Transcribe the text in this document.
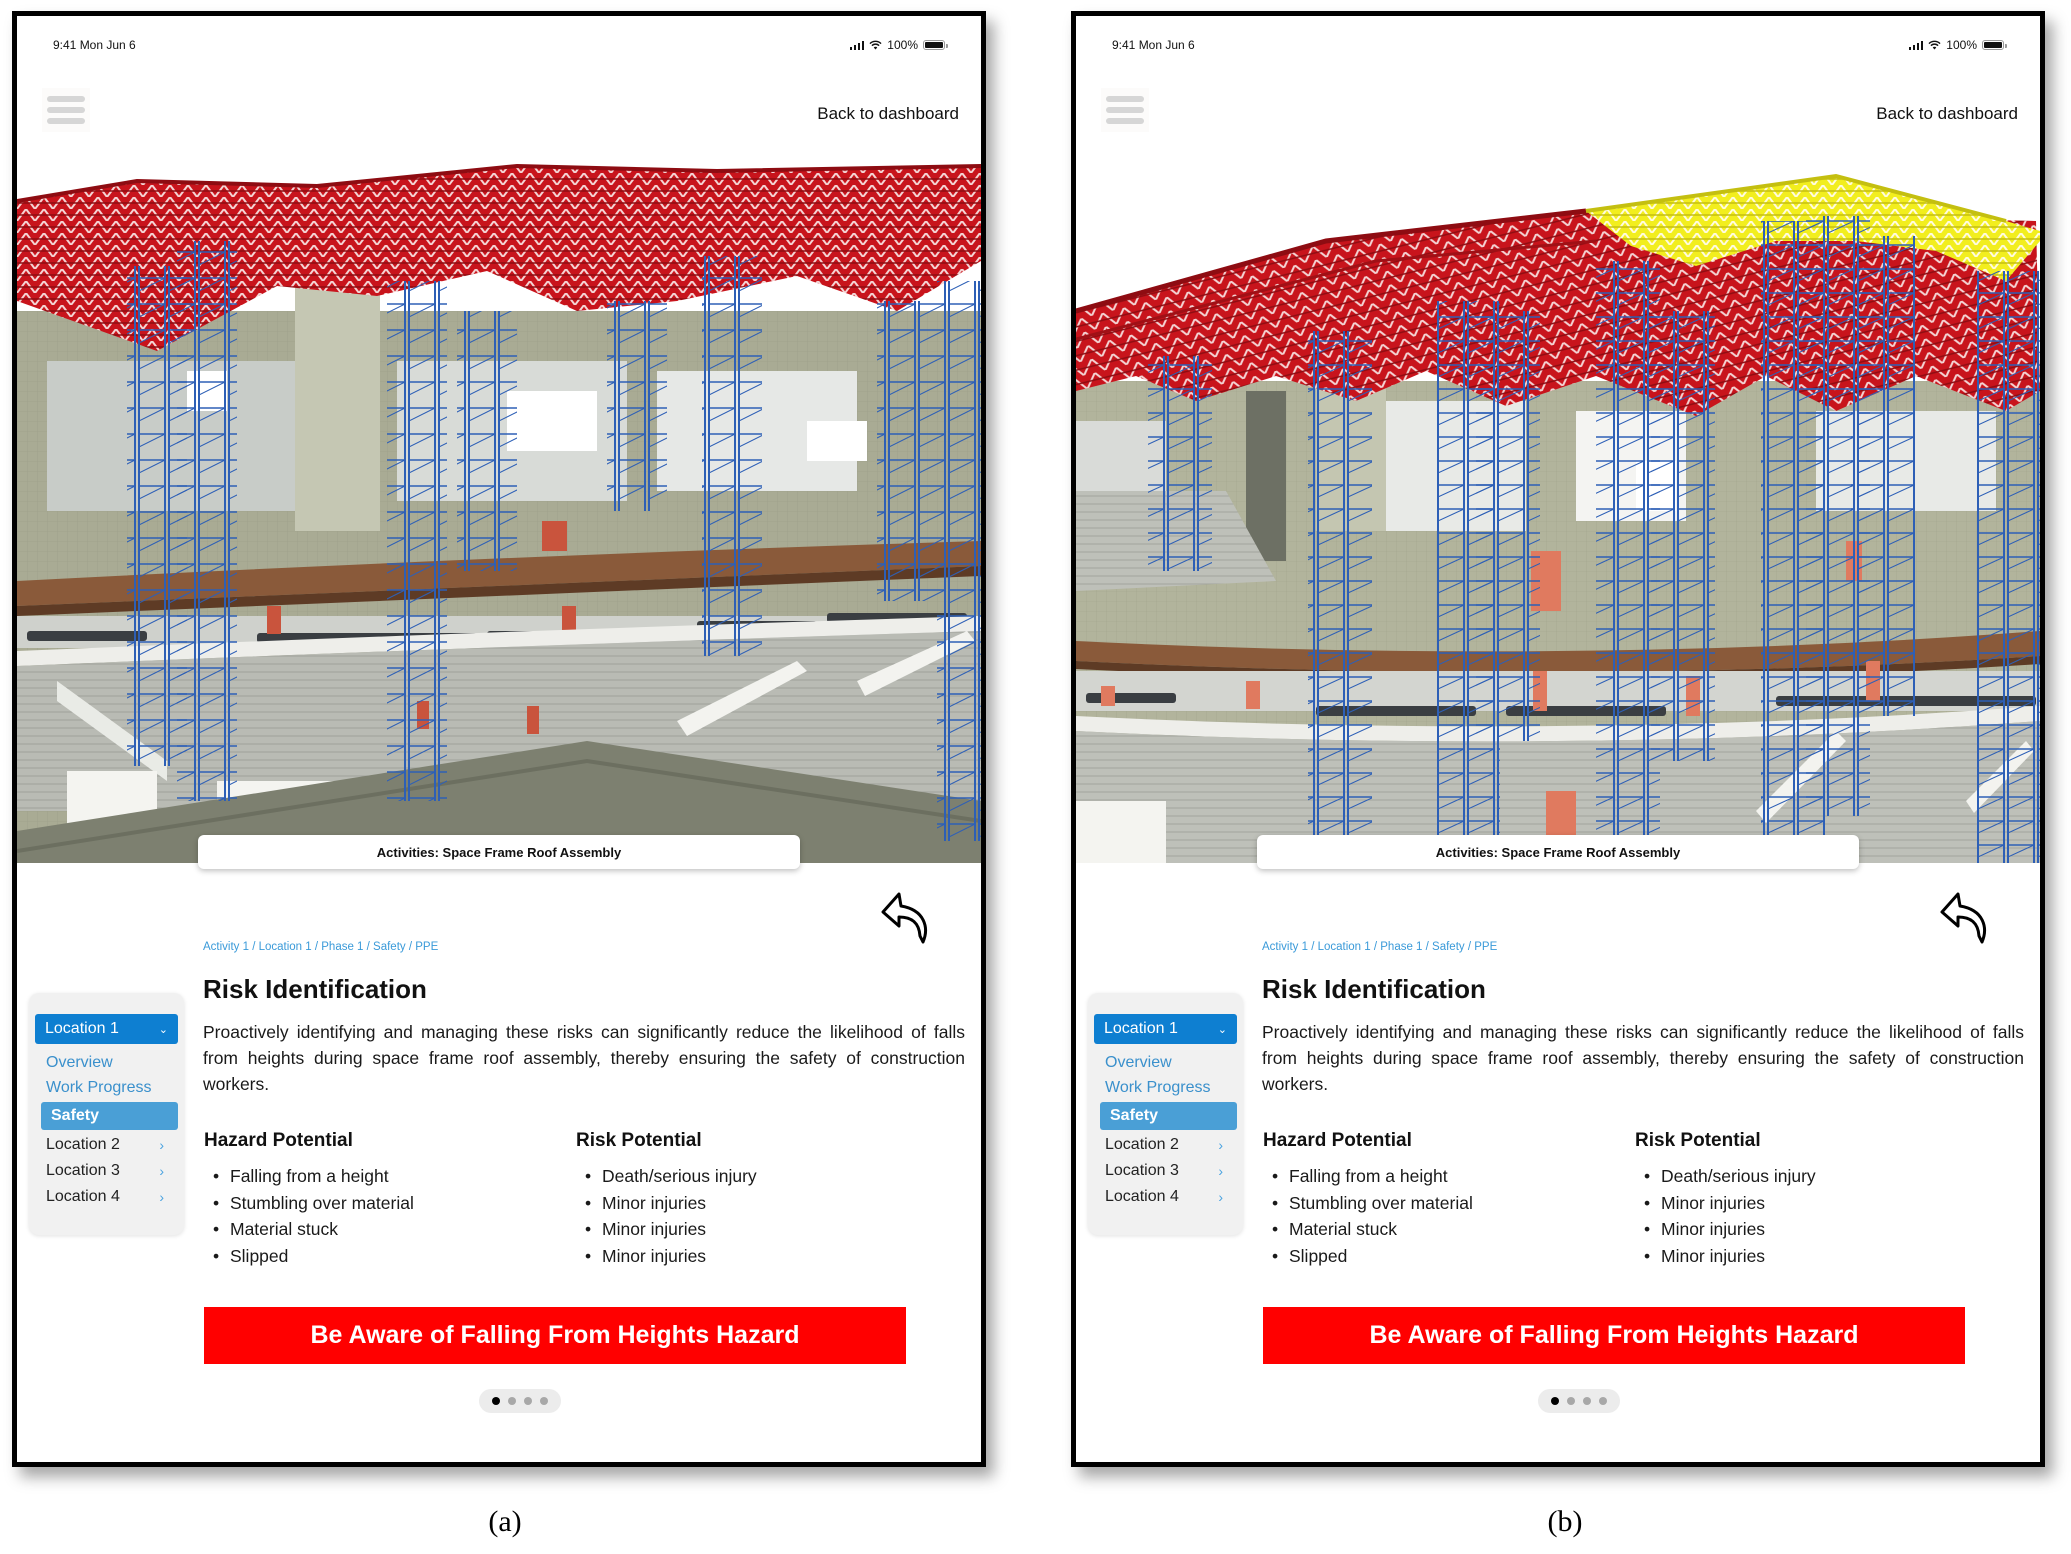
9:41 Mon Jun 6	100%
Back to dashboard
Activities: Space Frame Roof Assembly
Activity 1 / Location 1 / Phase 1 / Safety / PPE
Risk Identification
Proactively identifying and managing these risks can significantly reduce the likelihood of falls from heights during space frame roof assembly, thereby ensuring the safety of construction workers.
Location 1	⌄
Overview
Work Progress
Safety
Location 2	›
Location 3	›
Location 4	›
Hazard Potential
• Falling from a height
• Stumbling over material
• Material stuck
• Slipped
Risk Potential
• Death/serious injury
• Minor injuries
• Minor injuries
• Minor injuries
Be Aware of Falling From Heights Hazard
9:41 Mon Jun 6	100%
Back to dashboard
Activities: Space Frame Roof Assembly
Activity 1 / Location 1 / Phase 1 / Safety / PPE
Risk Identification
Proactively identifying and managing these risks can significantly reduce the likelihood of falls from heights during space frame roof assembly, thereby ensuring the safety of construction workers.
Location 1	⌄
Overview
Work Progress
Safety
Location 2	›
Location 3	›
Location 4	›
Hazard Potential
• Falling from a height
• Stumbling over material
• Material stuck
• Slipped
Risk Potential
• Death/serious injury
• Minor injuries
• Minor injuries
• Minor injuries
Be Aware of Falling From Heights Hazard
(a)	(b)
